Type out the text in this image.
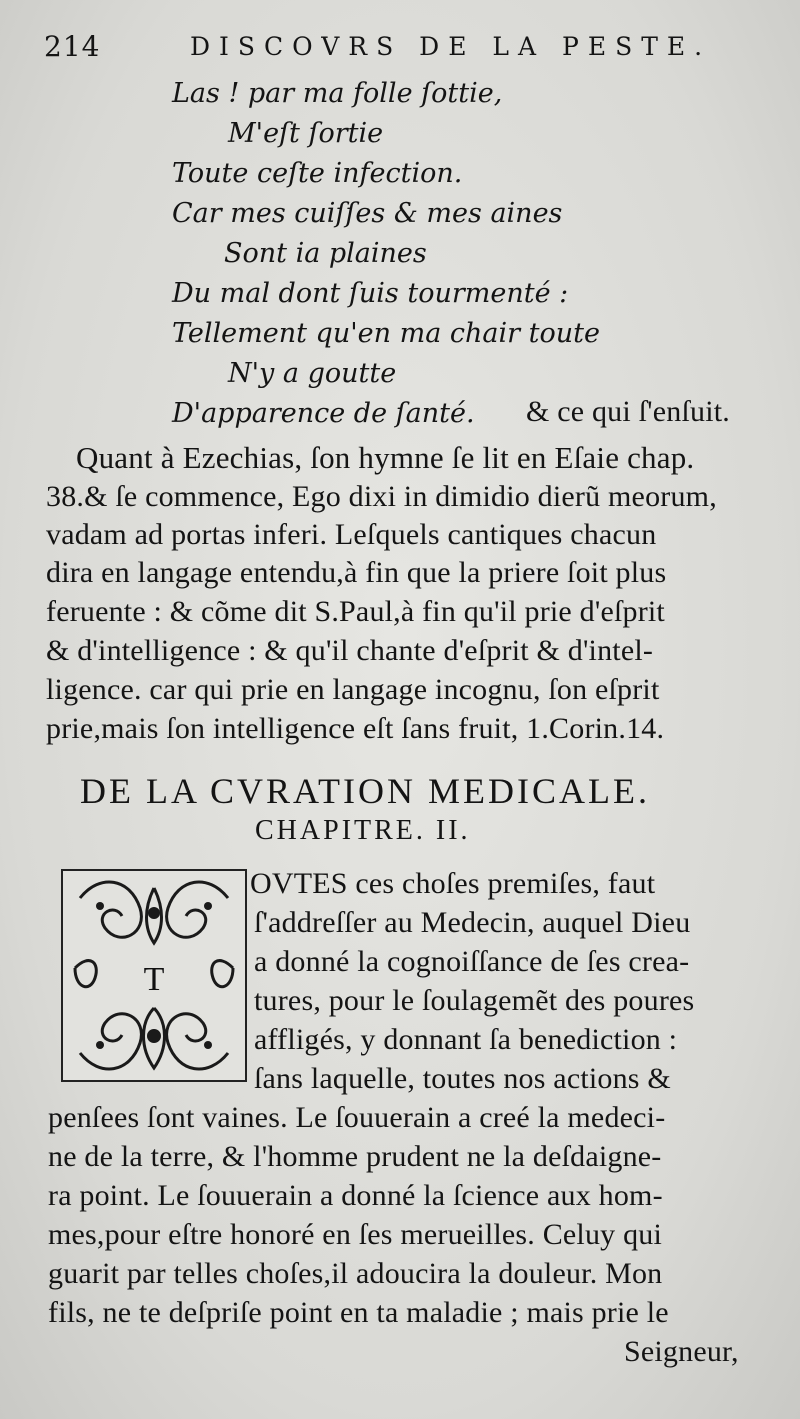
214	DISCOVRS DE LA PESTE.
Las ! par ma folle ſottie,
M'eſt ſortie
Toute ceſte infection.
Car mes cuiſſes & mes aines
Sont ia plaines
Du mal dont ſuis tourmenté :
Tellement qu'en ma chair toute
N'y a goutte
D'apparence de ſanté. & ce qui ſ'enſuit.
Quant à Ezechias, ſon hymne ſe lit en Eſaie chap.
38.& ſe commence, Ego dixi in dimidio dierũ meorum,
vadam ad portas inferi. Leſquels cantiques chacun
dira en langage entendu,à fin que la priere ſoit plus
feruente : & cõme dit S.Paul,à fin qu'il prie d'eſprit
& d'intelligence : & qu'il chante d'eſprit & d'intel-
ligence. car qui prie en langage incognu, ſon eſprit
prie,mais ſon intelligence eſt ſans fruit, 1.Corin.14.
DE LA CVRATION MEDICALE.
CHAPITRE. II.
T
OVTES ces choſes premiſes, faut
ſ'addreſſer au Medecin, auquel Dieu
a donné la cognoiſſance de ſes crea-
tures, pour le ſoulagemẽt des poures
affligés, y donnant ſa benediction :
ſans laquelle, toutes nos actions &
penſees ſont vaines. Le ſouuerain a creé la medeci-
ne de la terre, & l'homme prudent ne la deſdaigne-
ra point. Le ſouuerain a donné la ſcience aux hom-
mes,pour eſtre honoré en ſes merueilles. Celuy qui
guarit par telles choſes,il adoucira la douleur. Mon
fils, ne te deſpriſe point en ta maladie ; mais prie le
Seigneur,
